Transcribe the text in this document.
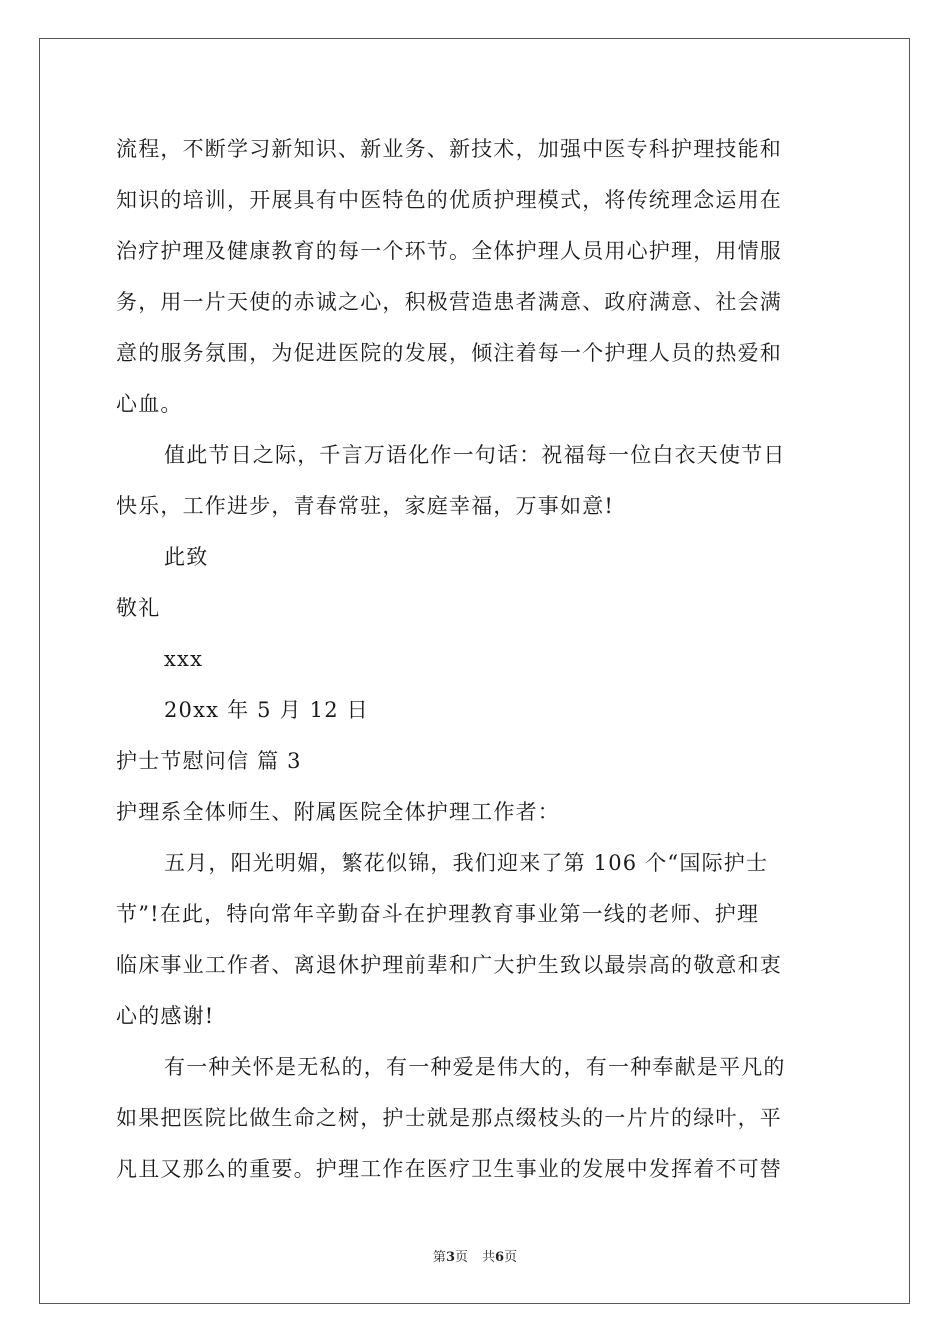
流程，不断学习新知识、新业务、新技术，加强中医专科护理技能和
知识的培训，开展具有中医特色的优质护理模式，将传统理念运用在
治疗护理及健康教育的每一个环节。全体护理人员用心护理，用情服
务，用一片天使的赤诚之心，积极营造患者满意、政府满意、社会满
意的服务氛围，为促进医院的发展，倾注着每一个护理人员的热爱和
心血。
值此节日之际，千言万语化作一句话：祝福每一位白衣天使节日
快乐，工作进步，青春常驻，家庭幸福，万事如意!
此致
敬礼
xxx
20xx 年 5 月 12 日
护士节慰问信 篇 3
护理系全体师生、附属医院全体护理工作者：
五月，阳光明媚，繁花似锦，我们迎来了第 106 个“国际护士
节”!在此，特向常年辛勤奋斗在护理教育事业第一线的老师、护理
临床事业工作者、离退休护理前辈和广大护生致以最崇高的敬意和衷
心的感谢!
有一种关怀是无私的，有一种爱是伟大的，有一种奉献是平凡的
如果把医院比做生命之树，护士就是那点缀枝头的一片片的绿叶，平
凡且又那么的重要。护理工作在医疗卫生事业的发展中发挥着不可替
第3页 共6页
